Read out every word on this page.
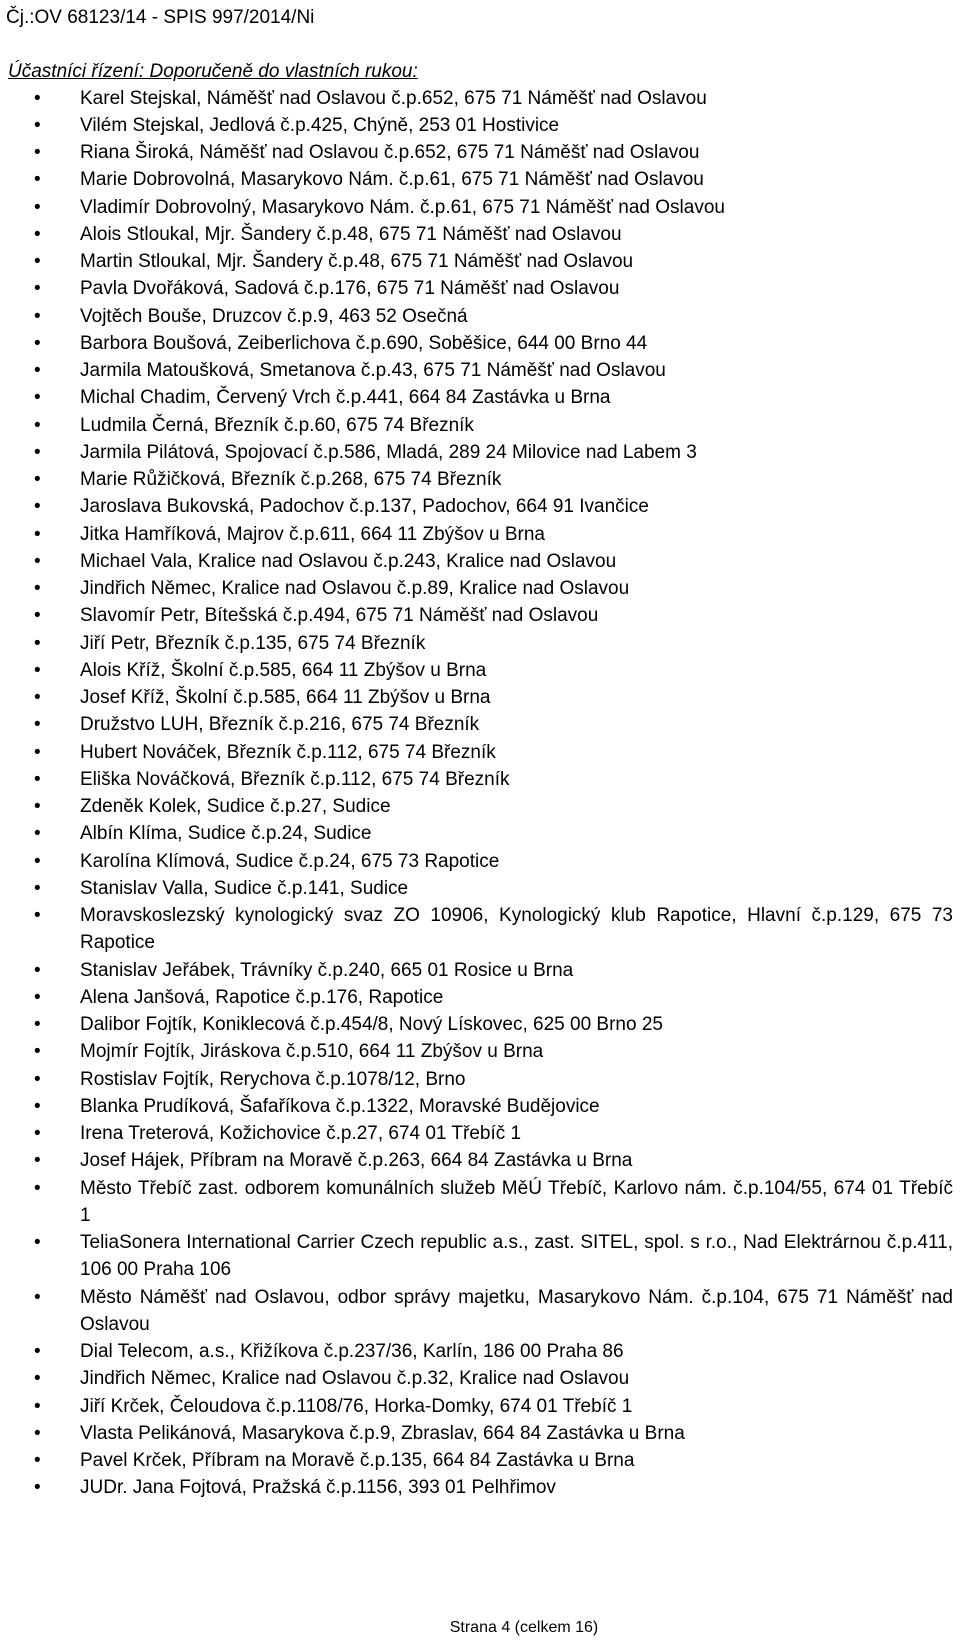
Čj.:OV 68123/14 - SPIS 997/2014/Ni
Účastníci řízení: Doporučeně do vlastních rukou:
•	Karel Stejskal, Náměšť nad Oslavou č.p.652, 675 71 Náměšť nad Oslavou
•	Vilém Stejskal, Jedlová č.p.425, Chýně, 253 01 Hostivice
•	Riana Široká, Náměšť nad Oslavou č.p.652, 675 71 Náměšť nad Oslavou
•	Marie Dobrovolná, Masarykovo Nám. č.p.61, 675 71 Náměšť nad Oslavou
•	Vladimír Dobrovolný, Masarykovo Nám. č.p.61, 675 71 Náměšť nad Oslavou
•	Alois Stloukal, Mjr. Šandery č.p.48, 675 71 Náměšť nad Oslavou
•	Martin Stloukal, Mjr. Šandery č.p.48, 675 71 Náměšť nad Oslavou
•	Pavla Dvořáková, Sadová č.p.176, 675 71 Náměšť nad Oslavou
•	Vojtěch Bouše, Druzcov č.p.9, 463 52 Osečná
•	Barbora Boušová, Zeiberlichova č.p.690, Soběšice, 644 00 Brno 44
•	Jarmila Matoušková, Smetanova č.p.43, 675 71 Náměšť nad Oslavou
•	Michal Chadim, Červený Vrch č.p.441, 664 84 Zastávka u Brna
•	Ludmila Černá, Březník č.p.60, 675 74 Březník
•	Jarmila Pilátová, Spojovací č.p.586, Mladá, 289 24 Milovice nad Labem 3
•	Marie Růžičková, Březník č.p.268, 675 74 Březník
•	Jaroslava Bukovská, Padochov č.p.137, Padochov, 664 91 Ivančice
•	Jitka Hamříková, Majrov č.p.611, 664 11 Zbýšov u Brna
•	Michael Vala, Kralice nad Oslavou č.p.243, Kralice nad Oslavou
•	Jindřich Němec, Kralice nad Oslavou č.p.89, Kralice nad Oslavou
•	Slavomír Petr, Bítešská č.p.494, 675 71 Náměšť nad Oslavou
•	Jiří Petr, Březník č.p.135, 675 74 Březník
•	Alois Kříž, Školní č.p.585, 664 11 Zbýšov u Brna
•	Josef Kříž, Školní č.p.585, 664 11 Zbýšov u Brna
•	Družstvo LUH, Březník č.p.216, 675 74 Březník
•	Hubert Nováček, Březník č.p.112, 675 74 Březník
•	Eliška Nováčková, Březník č.p.112, 675 74 Březník
•	Zdeněk Kolek, Sudice č.p.27, Sudice
•	Albín Klíma, Sudice č.p.24, Sudice
•	Karolína Klímová, Sudice č.p.24, 675 73 Rapotice
•	Stanislav Valla, Sudice č.p.141, Sudice
•	Moravskoslezský kynologický svaz ZO 10906, Kynologický klub Rapotice, Hlavní č.p.129, 675 73 Rapotice
•	Stanislav Jeřábek, Trávníky č.p.240, 665 01 Rosice u Brna
•	Alena Janšová, Rapotice č.p.176, Rapotice
•	Dalibor Fojtík, Koniklecová č.p.454/8, Nový Lískovec, 625 00 Brno 25
•	Mojmír Fojtík, Jiráskova č.p.510, 664 11 Zbýšov u Brna
•	Rostislav Fojtík, Rerychova č.p.1078/12, Brno
•	Blanka Prudíková, Šafaříkova č.p.1322, Moravské Budějovice
•	Irena Treterová, Kožichovice č.p.27, 674 01 Třebíč 1
•	Josef Hájek, Příbram na Moravě č.p.263, 664 84 Zastávka u Brna
•	Město Třebíč zast. odborem komunálních služeb MěÚ Třebíč, Karlovo nám. č.p.104/55, 674 01 Třebíč 1
•	TeliaSonera International Carrier Czech republic a.s., zast. SITEL, spol. s r.o., Nad Elektrárnou č.p.411, 106 00 Praha 106
•	Město Náměšť nad Oslavou, odbor správy majetku, Masarykovo Nám. č.p.104, 675 71 Náměšť nad Oslavou
•	Dial Telecom, a.s., Křižíkova č.p.237/36, Karlín, 186 00 Praha 86
•	Jindřich Němec, Kralice nad Oslavou č.p.32, Kralice nad Oslavou
•	Jiří Krček, Čeloudova č.p.1108/76, Horka-Domky, 674 01 Třebíč 1
•	Vlasta Pelikánová, Masarykova č.p.9, Zbraslav, 664 84 Zastávka u Brna
•	Pavel Krček, Příbram na Moravě č.p.135, 664 84 Zastávka u Brna
•	JUDr. Jana Fojtová, Pražská č.p.1156, 393 01 Pelhřimov
Strana 4 (celkem 16)
